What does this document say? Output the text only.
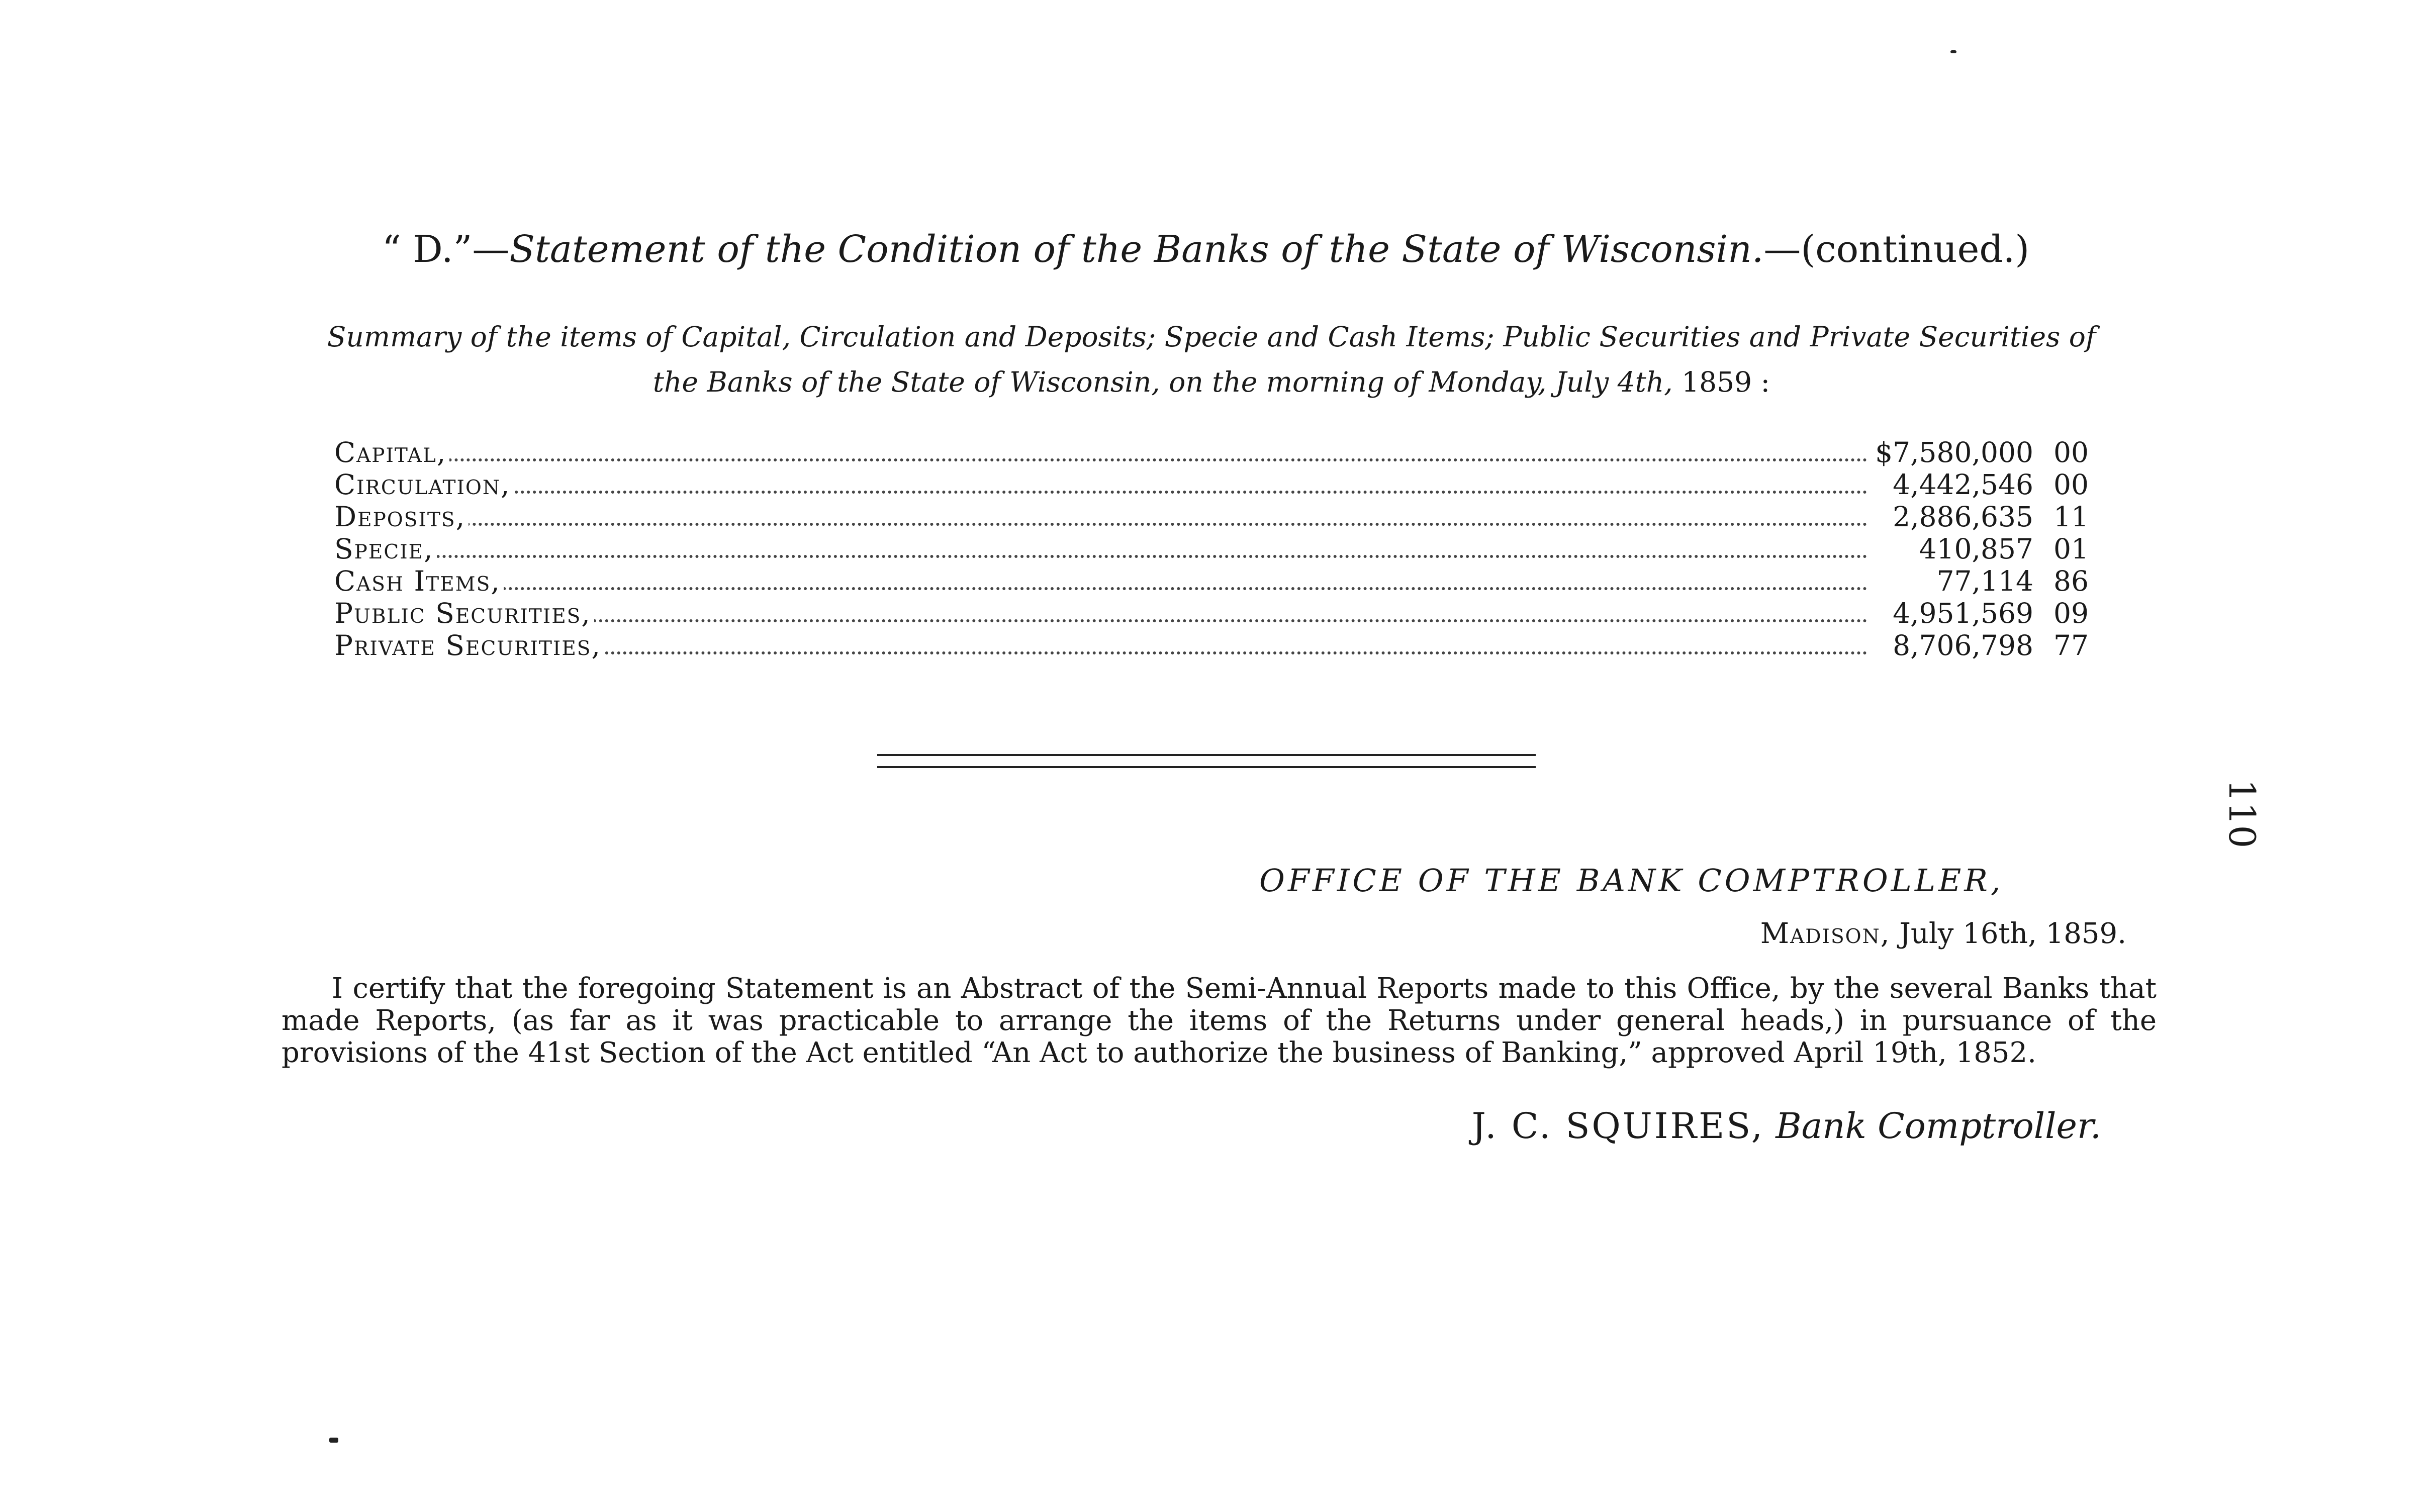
“ D.”—Statement of the Condition of the Banks of the State of Wisconsin.—(continued.)
Summary of the items of Capital, Circulation and Deposits; Specie and Cash Items; Public Securities and Private Securities of
the Banks of the State of Wisconsin, on the morning of Monday, July 4th, 1859 :
Capital,	$7,580,000 00
Circulation,	4,442,546 00
Deposits,	2,886,635 11
Specie,	410,857 01
Cash Items,	77,114 86
Public Securities,	4,951,569 09
Private Securities,	8,706,798 77
OFFICE OF THE BANK COMPTROLLER,
Madison, July 16th, 1859.
I certify that the foregoing Statement is an Abstract of the Semi-Annual Reports made to this Office, by the several Banks that made Reports, (as far as it was practicable to arrange the items of the Returns under general heads,) in pursuance of the provisions of the 41st Section of the Act entitled “An Act to authorize the business of Banking,” approved April 19th, 1852.
J. C. SQUIRES, Bank Comptroller.
110
